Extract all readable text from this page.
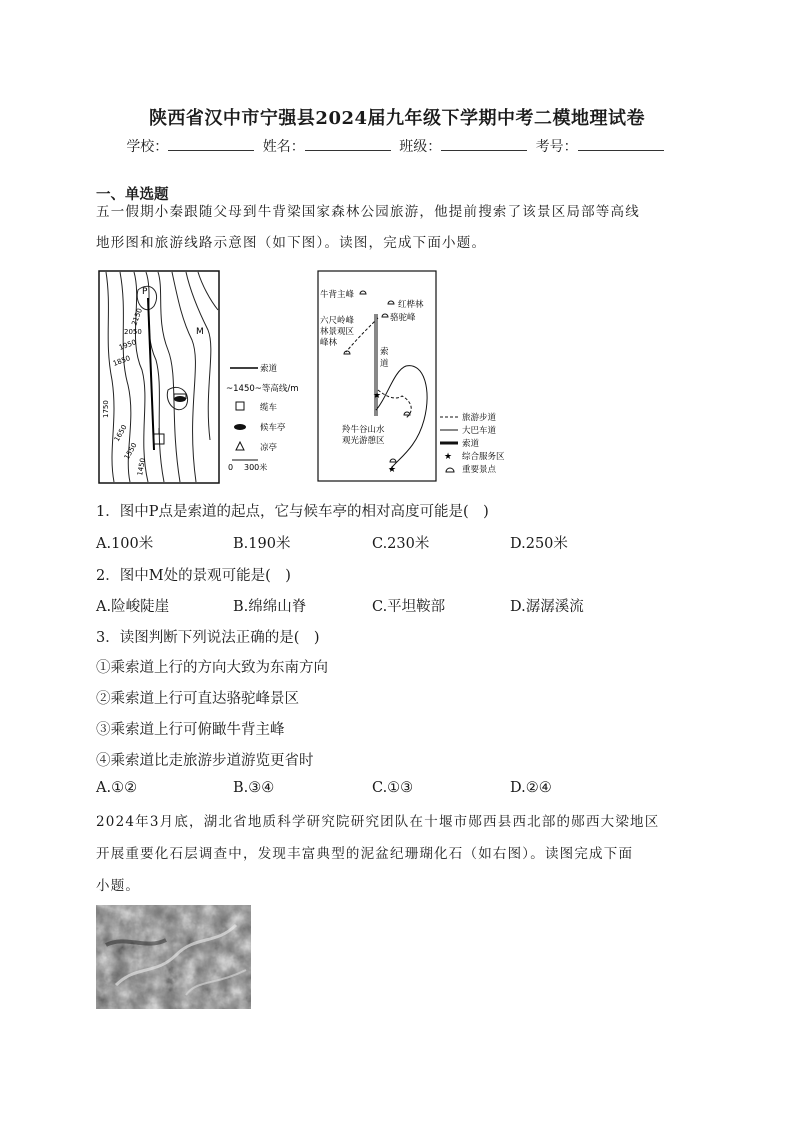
陕西省汉中市宁强县2024届九年级下学期中考二模地理试卷
学校：	姓名：	班级：	考号：
一、单选题
五一假期小秦跟随父母到牛背梁国家森林公园旅游，他提前搜索了该景区局部等高线
地形图和旅游线路示意图（如下图）。读图，完成下面小题。
P
M
2150
2050
1950
1850
1750
1650
1550
1450
索道
~1450~等高线/m
缆车
候车亭
凉亭
0 300米
牛背主峰
红桦林
骆驼峰
六尺岭峰
林景观区
峰林
索
道
★
★
羚牛谷山水
观光游憩区
旅游步道
大巴车道
索道
★ 综合服务区
重要景点
1．图中P点是索道的起点，它与候车亭的相对高度可能是(　)
A.100米	B.190米	C.230米	D.250米
2．图中M处的景观可能是(　)
A.险峻陡崖	B.绵绵山脊	C.平坦鞍部	D.潺潺溪流
3．读图判断下列说法正确的是(　)
①乘索道上行的方向大致为东南方向
②乘索道上行可直达骆驼峰景区
③乘索道上行可俯瞰牛背主峰
④乘索道比走旅游步道游览更省时
A.①②	B.③④	C.①③	D.②④
2024年3月底，湖北省地质科学研究院研究团队在十堰市郧西县西北部的郧西大梁地区
开展重要化石层调查中，发现丰富典型的泥盆纪珊瑚化石（如右图）。读图完成下面
小题。
